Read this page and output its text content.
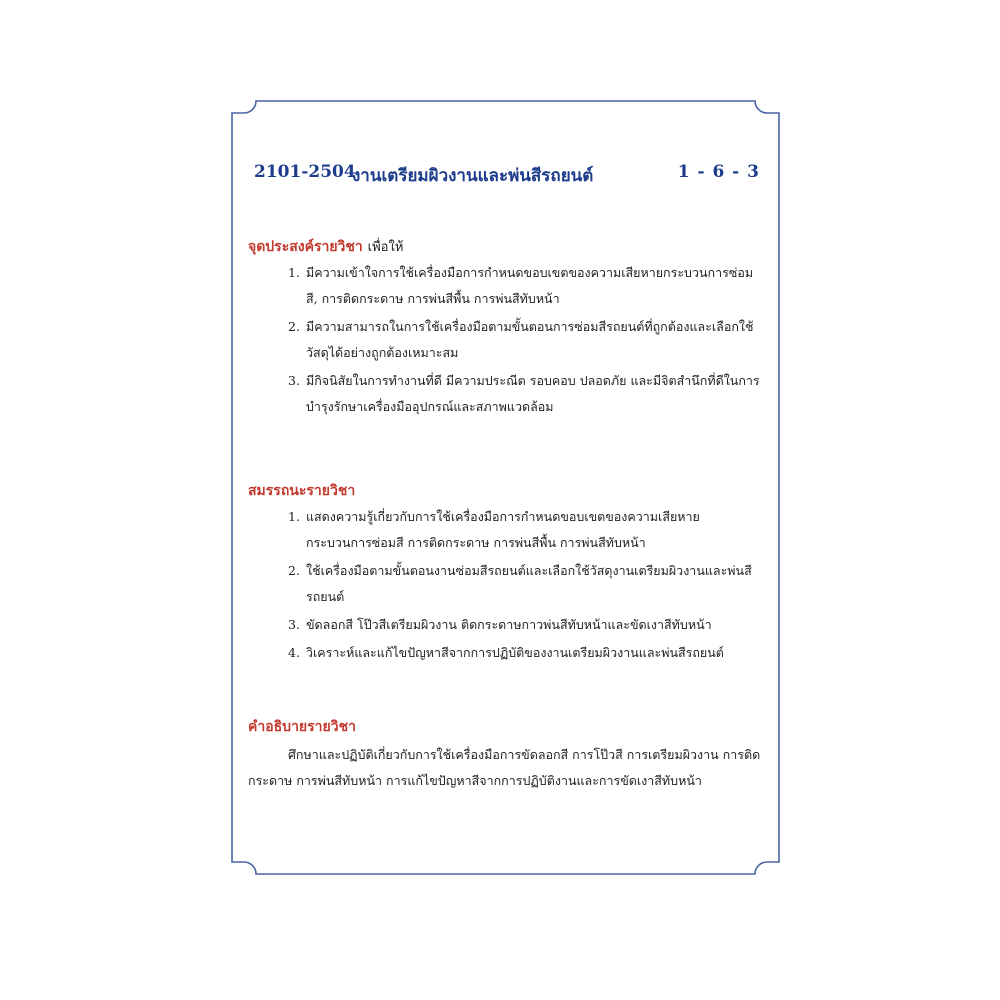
2101-2504
งานเตรียมผิวงานและพ่นสีรถยนต์	1 - 6 - 3
จุดประสงค์รายวิชา เพื่อให้
1. มีความเข้าใจการใช้เครื่องมือการกำหนดขอบเขตของความเสียหายกระบวนการซ่อมสี, การติดกระดาษ การพ่นสีพื้น การพ่นสีทับหน้า
2. มีความสามารถในการใช้เครื่องมือตามขั้นตอนการซ่อมสีรถยนต์ที่ถูกต้องและเลือกใช้วัสดุได้อย่างถูกต้องเหมาะสม
3. มีกิจนิสัยในการทำงานที่ดี มีความประณีต รอบคอบ ปลอดภัย และมีจิตสำนึกที่ดีในการบำรุงรักษาเครื่องมืออุปกรณ์และสภาพแวดล้อม
สมรรถนะรายวิชา
1. แสดงความรู้เกี่ยวกับการใช้เครื่องมือการกำหนดขอบเขตของความเสียหายกระบวนการซ่อมสี การติดกระดาษ การพ่นสีพื้น การพ่นสีทับหน้า
2. ใช้เครื่องมือตามขั้นตอนงานซ่อมสีรถยนต์และเลือกใช้วัสดุงานเตรียมผิวงานและพ่นสีรถยนต์
3. ขัดลอกสี โป๊วสีเตรียมผิวงาน ติดกระดาษกาวพ่นสีทับหน้าและขัดเงาสีทับหน้า
4. วิเคราะห์และแก้ไขปัญหาสีจากการปฏิบัติของงานเตรียมผิวงานและพ่นสีรถยนต์
คำอธิบายรายวิชา
ศึกษาและปฏิบัติเกี่ยวกับการใช้เครื่องมือการขัดลอกสี การโป๊วสี การเตรียมผิวงาน การติดกระดาษ การพ่นสีทับหน้า การแก้ไขปัญหาสีจากการปฏิบัติงานและการขัดเงาสีทับหน้า
